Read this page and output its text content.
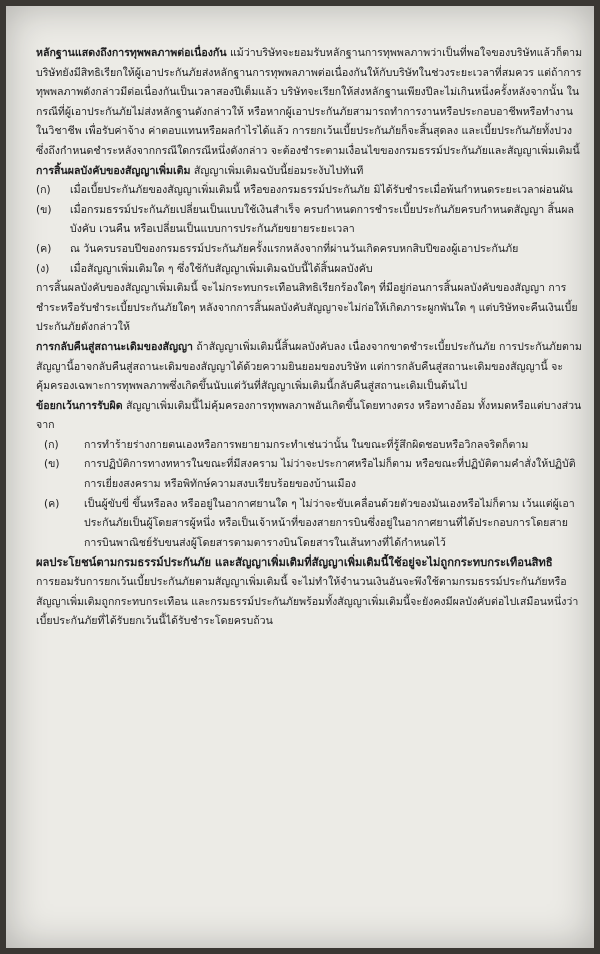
หลักฐานแสดงถึงการทุพพลภาพต่อเนื่องกัน แม้ว่าบริษัทจะยอมรับหลักฐานการทุพพลภาพว่าเป็นที่พอใจของบริษัทแล้วก็ตาม บริษัทยังมีสิทธิเรียกให้ผู้เอาประกันภัยส่งหลักฐานการทุพพลภาพต่อเนื่องกันให้กับบริษัทในช่วงระยะเวลาที่สมควร แต่ถ้าการทุพพลภาพดังกล่าวมีต่อเนื่องกันเป็นเวลาสองปีเต็มแล้ว บริษัทจะเรียกให้ส่งหลักฐานเพียงปีละไม่เกินหนึ่งครั้งหลังจากนั้น ในกรณีที่ผู้เอาประกันภัยไม่ส่งหลักฐานดังกล่าวให้ หรือหากผู้เอาประกันภัยสามารถทำการงานหรือประกอบอาชีพหรือทำงานในวิชาชีพ เพื่อรับค่าจ้าง ค่าตอบแทนหรือผลกำไรได้แล้ว การยกเว้นเบี้ยประกันภัยก็จะสิ้นสุดลง และเบี้ยประกันภัยทั้งปวงซึ่งถึงกำหนดชำระหลังจากกรณีใดกรณีหนึ่งดังกล่าว จะต้องชำระตามเงื่อนไขของกรมธรรม์ประกันภัยและสัญญาเพิ่มเติมนี้

การสิ้นผลบังคับของสัญญาเพิ่มเติม สัญญาเพิ่มเติมฉบับนี้ย่อมระงับไปทันที

(ก)	เมื่อเบี้ยประกันภัยของสัญญาเพิ่มเติมนี้ หรือของกรมธรรม์ประกันภัย มิได้รับชำระเมื่อพ้นกำหนดระยะเวลาผ่อนผัน
(ข)	เมื่อกรมธรรม์ประกันภัยเปลี่ยนเป็นแบบใช้เงินสำเร็จ ครบกำหนดการชำระเบี้ยประกันภัยครบกำหนดสัญญา สิ้นผลบังคับ เวนคืน หรือเปลี่ยนเป็นแบบการประกันภัยขยายระยะเวลา
(ค)	ณ วันครบรอบปีของกรมธรรม์ประกันภัยครั้งแรกหลังจากที่ผ่านวันเกิดครบหกสิบปีของผู้เอาประกันภัย
(ง)	เมื่อสัญญาเพิ่มเติมใด ๆ ซึ่งใช้กับสัญญาเพิ่มเติมฉบับนี้ได้สิ้นผลบังคับ

การสิ้นผลบังคับของสัญญาเพิ่มเติมนี้ จะไม่กระทบกระเทือนสิทธิเรียกร้องใดๆ ที่มีอยู่ก่อนการสิ้นผลบังคับของสัญญา การชำระหรือรับชำระเบี้ยประกันภัยใดๆ หลังจากการสิ้นผลบังคับสัญญาจะไม่ก่อให้เกิดภาระผูกพันใด ๆ แต่บริษัทจะคืนเงินเบี้ยประกันภัยดังกล่าวให้

การกลับคืนสู่สถานะเดิมของสัญญา ถ้าสัญญาเพิ่มเติมนี้สิ้นผลบังคับลง เนื่องจากขาดชำระเบี้ยประกันภัย การประกันภัยตามสัญญานี้อาจกลับคืนสู่สถานะเดิมของสัญญาได้ด้วยความยินยอมของบริษัท แต่การกลับคืนสู่สถานะเดิมของสัญญานี้ จะคุ้มครองเฉพาะการทุพพลภาพซึ่งเกิดขึ้นนับแต่วันที่สัญญาเพิ่มเติมนี้กลับคืนสู่สถานะเดิมเป็นต้นไป

ข้อยกเว้นการรับผิด สัญญาเพิ่มเติมนี้ไม่คุ้มครองการทุพพลภาพอันเกิดขึ้นโดยทางตรง หรือทางอ้อม ทั้งหมดหรือแต่บางส่วน จาก

(ก)	การทำร้ายร่างกายตนเองหรือการพยายามกระทำเช่นว่านั้น ในขณะที่รู้สึกผิดชอบหรือวิกลจริตก็ตาม
(ข)	การปฏิบัติการทางทหารในขณะที่มีสงคราม ไม่ว่าจะประกาศหรือไม่ก็ตาม หรือขณะที่ปฏิบัติตามคำสั่งให้ปฏิบัติการเยี่ยงสงคราม หรือพิทักษ์ความสงบเรียบร้อยของบ้านเมือง
(ค)	เป็นผู้ขับขี่ ขึ้นหรือลง หรืออยู่ในอากาศยานใด ๆ ไม่ว่าจะขับเคลื่อนด้วยตัวของมันเองหรือไม่ก็ตาม เว้นแต่ผู้เอาประกันภัยเป็นผู้โดยสารผู้หนึ่ง หรือเป็นเจ้าหน้าที่ของสายการบินซึ่งอยู่ในอากาศยานที่ได้ประกอบการโดยสายการบินพาณิชย์รับขนส่งผู้โดยสารตามตารางบินโดยสารในเส้นทางที่ได้กำหนดไว้

ผลประโยชน์ตามกรมธรรม์ประกันภัย และสัญญาเพิ่มเติมที่สัญญาเพิ่มเติมนี้ใช้อยู่จะไม่ถูกกระทบกระเทือนสิทธิ

การยอมรับการยกเว้นเบี้ยประกันภัยตามสัญญาเพิ่มเติมนี้ จะไม่ทำให้จำนวนเงินอันจะพึงใช้ตามกรมธรรม์ประกันภัยหรือสัญญาเพิ่มเติมถูกกระทบกระเทือน และกรมธรรม์ประกันภัยพร้อมทั้งสัญญาเพิ่มเติมนี้จะยังคงมีผลบังคับต่อไปเสมือนหนึ่งว่า เบี้ยประกันภัยที่ได้รับยกเว้นนี้ได้รับชำระโดยครบถ้วน
